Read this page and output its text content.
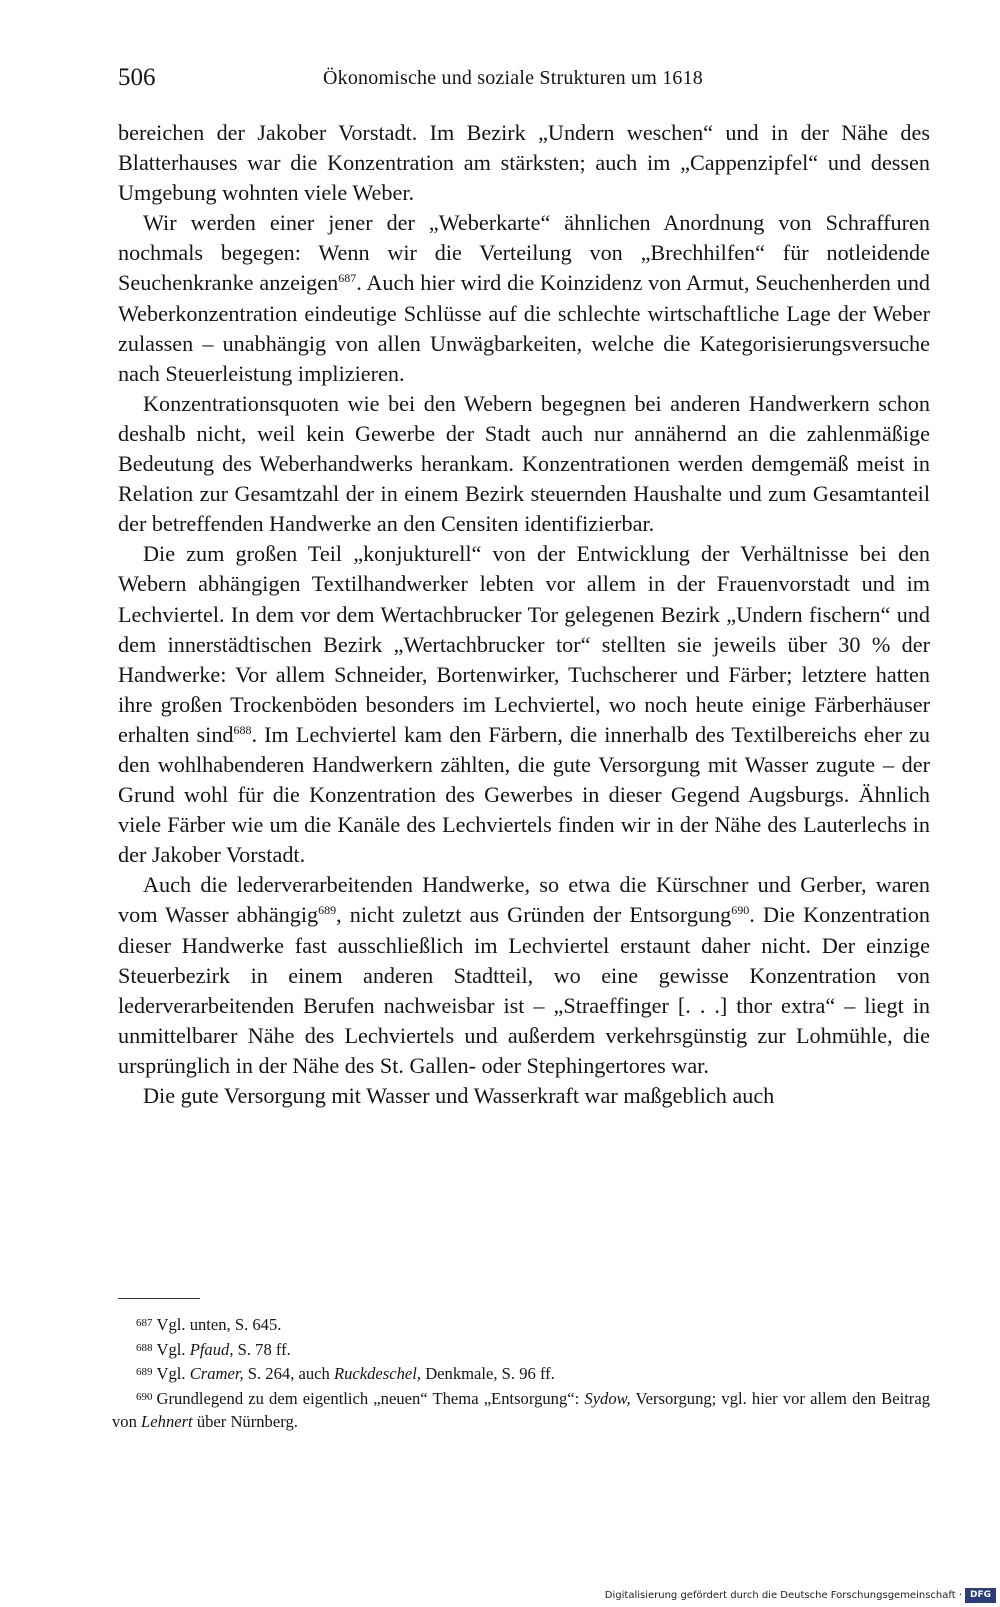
506	Ökonomische und soziale Strukturen um 1618

bereichen der Jakober Vorstadt. Im Bezirk „Undern weschen“ und in der Nähe des Blatterhauses war die Konzentration am stärksten; auch im „Cappenzipfel“ und dessen Umgebung wohnten viele Weber.

Wir werden einer jener der „Weberkarte“ ähnlichen Anordnung von Schraffuren nochmals begegen: Wenn wir die Verteilung von „Brechhilfen“ für notleidende Seuchenkranke anzeigen$^{687}$. Auch hier wird die Koinzidenz von Armut, Seuchenherden und Weberkonzentration eindeutige Schlüsse auf die schlechte wirtschaftliche Lage der Weber zulassen – unabhängig von allen Unwägbarkeiten, welche die Kategorisierungsversuche nach Steuerleistung implizieren.

Konzentrationsquoten wie bei den Webern begegnen bei anderen Handwerkern schon deshalb nicht, weil kein Gewerbe der Stadt auch nur annähernd an die zahlenmäßige Bedeutung des Weberhandwerks herankam. Konzentrationen werden demgemäß meist in Relation zur Gesamtzahl der in einem Bezirk steuernden Haushalte und zum Gesamtanteil der betreffenden Handwerke an den Censiten identifizierbar.

Die zum großen Teil „konjukturell“ von der Entwicklung der Verhältnisse bei den Webern abhängigen Textilhandwerker lebten vor allem in der Frauenvorstadt und im Lechviertel. In dem vor dem Wertachbrucker Tor gelegenen Bezirk „Undern fischern“ und dem innerstädtischen Bezirk „Wertachbrucker tor“ stellten sie jeweils über 30 % der Handwerke: Vor allem Schneider, Bortenwirker, Tuchscherer und Färber; letztere hatten ihre großen Trockenböden besonders im Lechviertel, wo noch heute einige Färberhäuser erhalten sind$^{688}$. Im Lechviertel kam den Färbern, die innerhalb des Textilbereichs eher zu den wohlhabenderen Handwerkern zählten, die gute Versorgung mit Wasser zugute – der Grund wohl für die Konzentration des Gewerbes in dieser Gegend Augsburgs. Ähnlich viele Färber wie um die Kanäle des Lechviertels finden wir in der Nähe des Lauterlechs in der Jakober Vorstadt.

Auch die lederverarbeitenden Handwerke, so etwa die Kürschner und Gerber, waren vom Wasser abhängig$^{689}$, nicht zuletzt aus Gründen der Entsorgung$^{690}$. Die Konzentration dieser Handwerke fast ausschließlich im Lechviertel erstaunt daher nicht. Der einzige Steuerbezirk in einem anderen Stadtteil, wo eine gewisse Konzentration von lederverarbeitenden Berufen nachweisbar ist – „Straeffinger [. . .] thor extra“ – liegt in unmittelbarer Nähe des Lechviertels und außerdem verkehrsgünstig zur Lohmühle, die ursprünglich in der Nähe des St. Gallen- oder Stephingertores war.

Die gute Versorgung mit Wasser und Wasserkraft war maßgeblich auch

$^{687}$ Vgl. unten, S. 645.

$^{688}$ Vgl. Pfaud, S. 78 ff.

$^{689}$ Vgl. Cramer, S. 264, auch Ruckdeschel, Denkmale, S. 96 ff.

$^{690}$ Grundlegend zu dem eigentlich „neuen“ Thema „Entsorgung“: Sydow, Versorgung; vgl. hier vor allem den Beitrag von Lehnert über Nürnberg.

Digitalisierung gefördert durch die Deutsche Forschungsgemeinschaft · DFG
